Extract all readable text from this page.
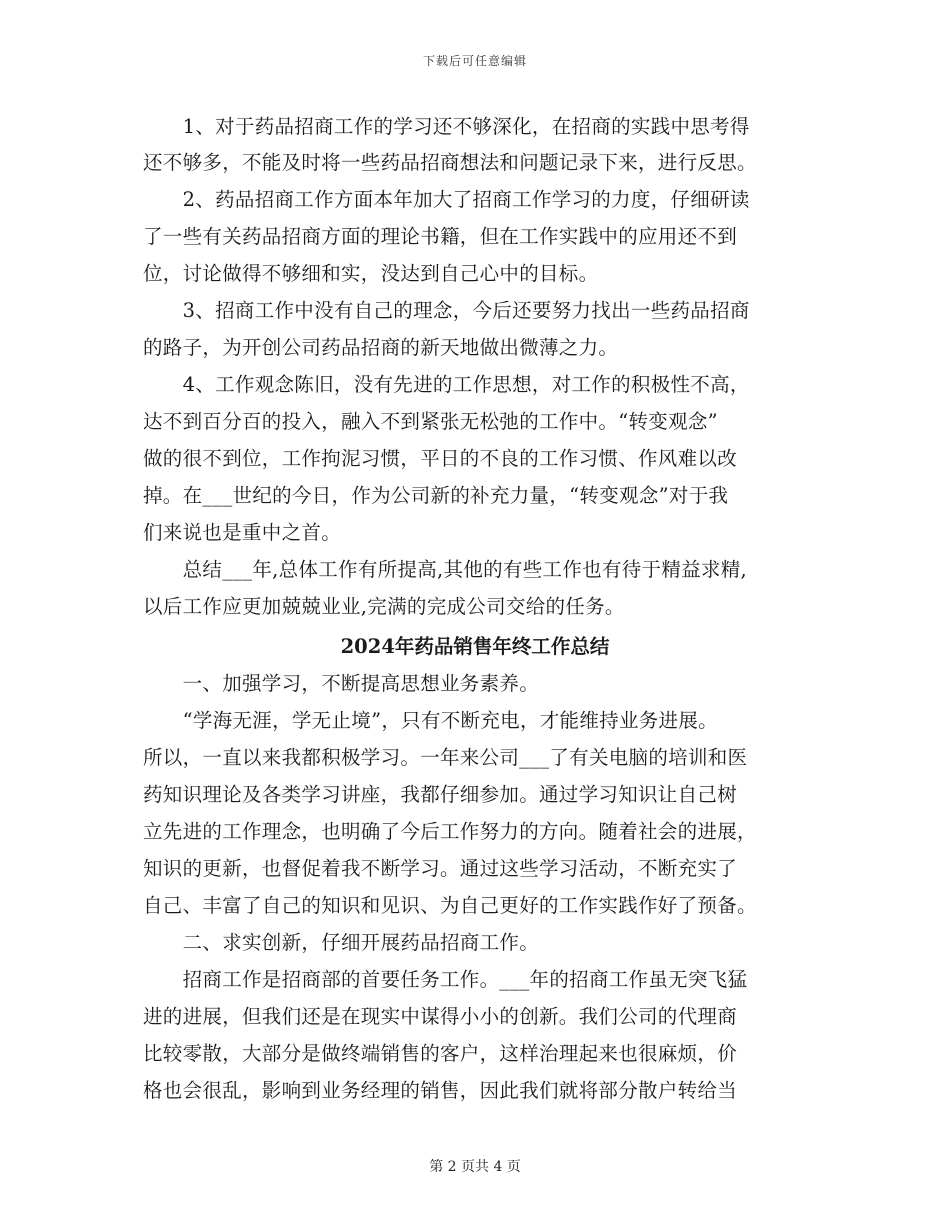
下载后可任意编辑
　　1、对于药品招商工作的学习还不够深化，在招商的实践中思考得
还不够多，不能及时将一些药品招商想法和问题记录下来，进行反思。
　　2、药品招商工作方面本年加大了招商工作学习的力度，仔细研读
了一些有关药品招商方面的理论书籍，但在工作实践中的应用还不到
位，讨论做得不够细和实，没达到自己心中的目标。
　　3、招商工作中没有自己的理念，今后还要努力找出一些药品招商
的路子，为开创公司药品招商的新天地做出微薄之力。
　　4、工作观念陈旧，没有先进的工作思想，对工作的积极性不高，
达不到百分百的投入，融入不到紧张无松弛的工作中。“转变观念”
做的很不到位，工作拘泥习惯，平日的不良的工作习惯、作风难以改
掉。在___世纪的今日，作为公司新的补充力量，“转变观念”对于我
们来说也是重中之首。
　　总结___年,总体工作有所提高,其他的有些工作也有待于精益求精,
以后工作应更加兢兢业业,完满的完成公司交给的任务。
2024年药品销售年终工作总结
　　一、加强学习，不断提高思想业务素养。
　　“学海无涯，学无止境”，只有不断充电，才能维持业务进展。
所以，一直以来我都积极学习。一年来公司___了有关电脑的培训和医
药知识理论及各类学习讲座，我都仔细参加。通过学习知识让自己树
立先进的工作理念，也明确了今后工作努力的方向。随着社会的进展，
知识的更新，也督促着我不断学习。通过这些学习活动，不断充实了
自己、丰富了自己的知识和见识、为自己更好的工作实践作好了预备。
　　二、求实创新，仔细开展药品招商工作。
　　招商工作是招商部的首要任务工作。___年的招商工作虽无突飞猛
进的进展，但我们还是在现实中谋得小小的创新。我们公司的代理商
比较零散，大部分是做终端销售的客户，这样治理起来也很麻烦，价
格也会很乱，影响到业务经理的销售，因此我们就将部分散户转给当
第 2 页共 4 页
